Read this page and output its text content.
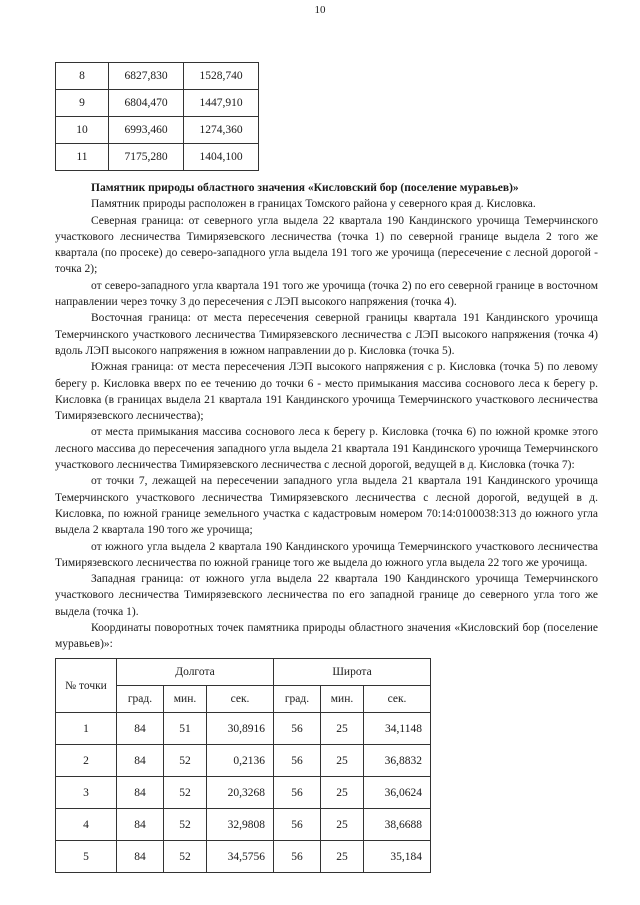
10
8	6827,830	1528,740
9	6804,470	1447,910
10	6993,460	1274,360
11	7175,280	1404,100
Памятник природы областного значения «Кисловский бор (поселение муравьев)»

Памятник природы расположен в границах Томского района у северного края д. Кисловка.

Северная граница: от северного угла выдела 22 квартала 190 Кандинского урочища Темерчинского участкового лесничества Тимирязевского лесничества (точка 1) по северной границе выдела 2 того же квартала (по просеке) до северо-западного угла выдела 191 того же урочища (пересечение с лесной дорогой - точка 2);

от северо-западного угла квартала 191 того же урочища (точка 2) по его северной границе в восточном направлении через точку 3 до пересечения с ЛЭП высокого напряжения (точка 4).

Восточная граница: от места пересечения северной границы квартала 191 Кандинского урочища Темерчинского участкового лесничества Тимирязевского лесничества с ЛЭП высокого напряжения (точка 4) вдоль ЛЭП высокого напряжения в южном направлении до р. Кисловка (точка 5).

Южная граница: от места пересечения ЛЭП высокого напряжения с р. Кисловка (точка 5) по левому берегу р. Кисловка вверх по ее течению до точки 6 - место примыкания массива соснового леса к берегу р. Кисловка (в границах выдела 21 квартала 191 Кандинского урочища Темерчинского участкового лесничества Тимирязевского лесничества);

от места примыкания массива соснового леса к берегу р. Кисловка (точка 6) по южной кромке этого лесного массива до пересечения западного угла выдела 21 квартала 191 Кандинского урочища Темерчинского участкового лесничества Тимирязевского лесничества с лесной дорогой, ведущей в д. Кисловка (точка 7):

от точки 7, лежащей на пересечении западного угла выдела 21 квартала 191 Кандинского урочища Темерчинского участкового лесничества Тимирязевского лесничества с лесной дорогой, ведущей в д. Кисловка, по южной границе земельного участка с кадастровым номером 70:14:0100038:313 до южного угла выдела 2 квартала 190 того же урочища;

от южного угла выдела 2 квартала 190 Кандинского урочища Темерчинского участкового лесничества Тимирязевского лесничества по южной границе того же выдела до южного угла выдела 22 того же урочища.

Западная граница: от южного угла выдела 22 квартала 190 Кандинского урочища Темерчинского участкового лесничества Тимирязевского лесничества по его западной границе до северного угла того же выдела (точка 1).

Координаты поворотных точек памятника природы областного значения «Кисловский бор (поселение муравьев)»:

№ точки	Долгота			Широта		
	град.	мин.	сек.	град.	мин.	сек.
1	84	51	30,8916	56	25	34,1148
2	84	52	0,2136	56	25	36,8832
3	84	52	20,3268	56	25	36,0624
4	84	52	32,9808	56	25	38,6688
5	84	52	34,5756	56	25	35,184
